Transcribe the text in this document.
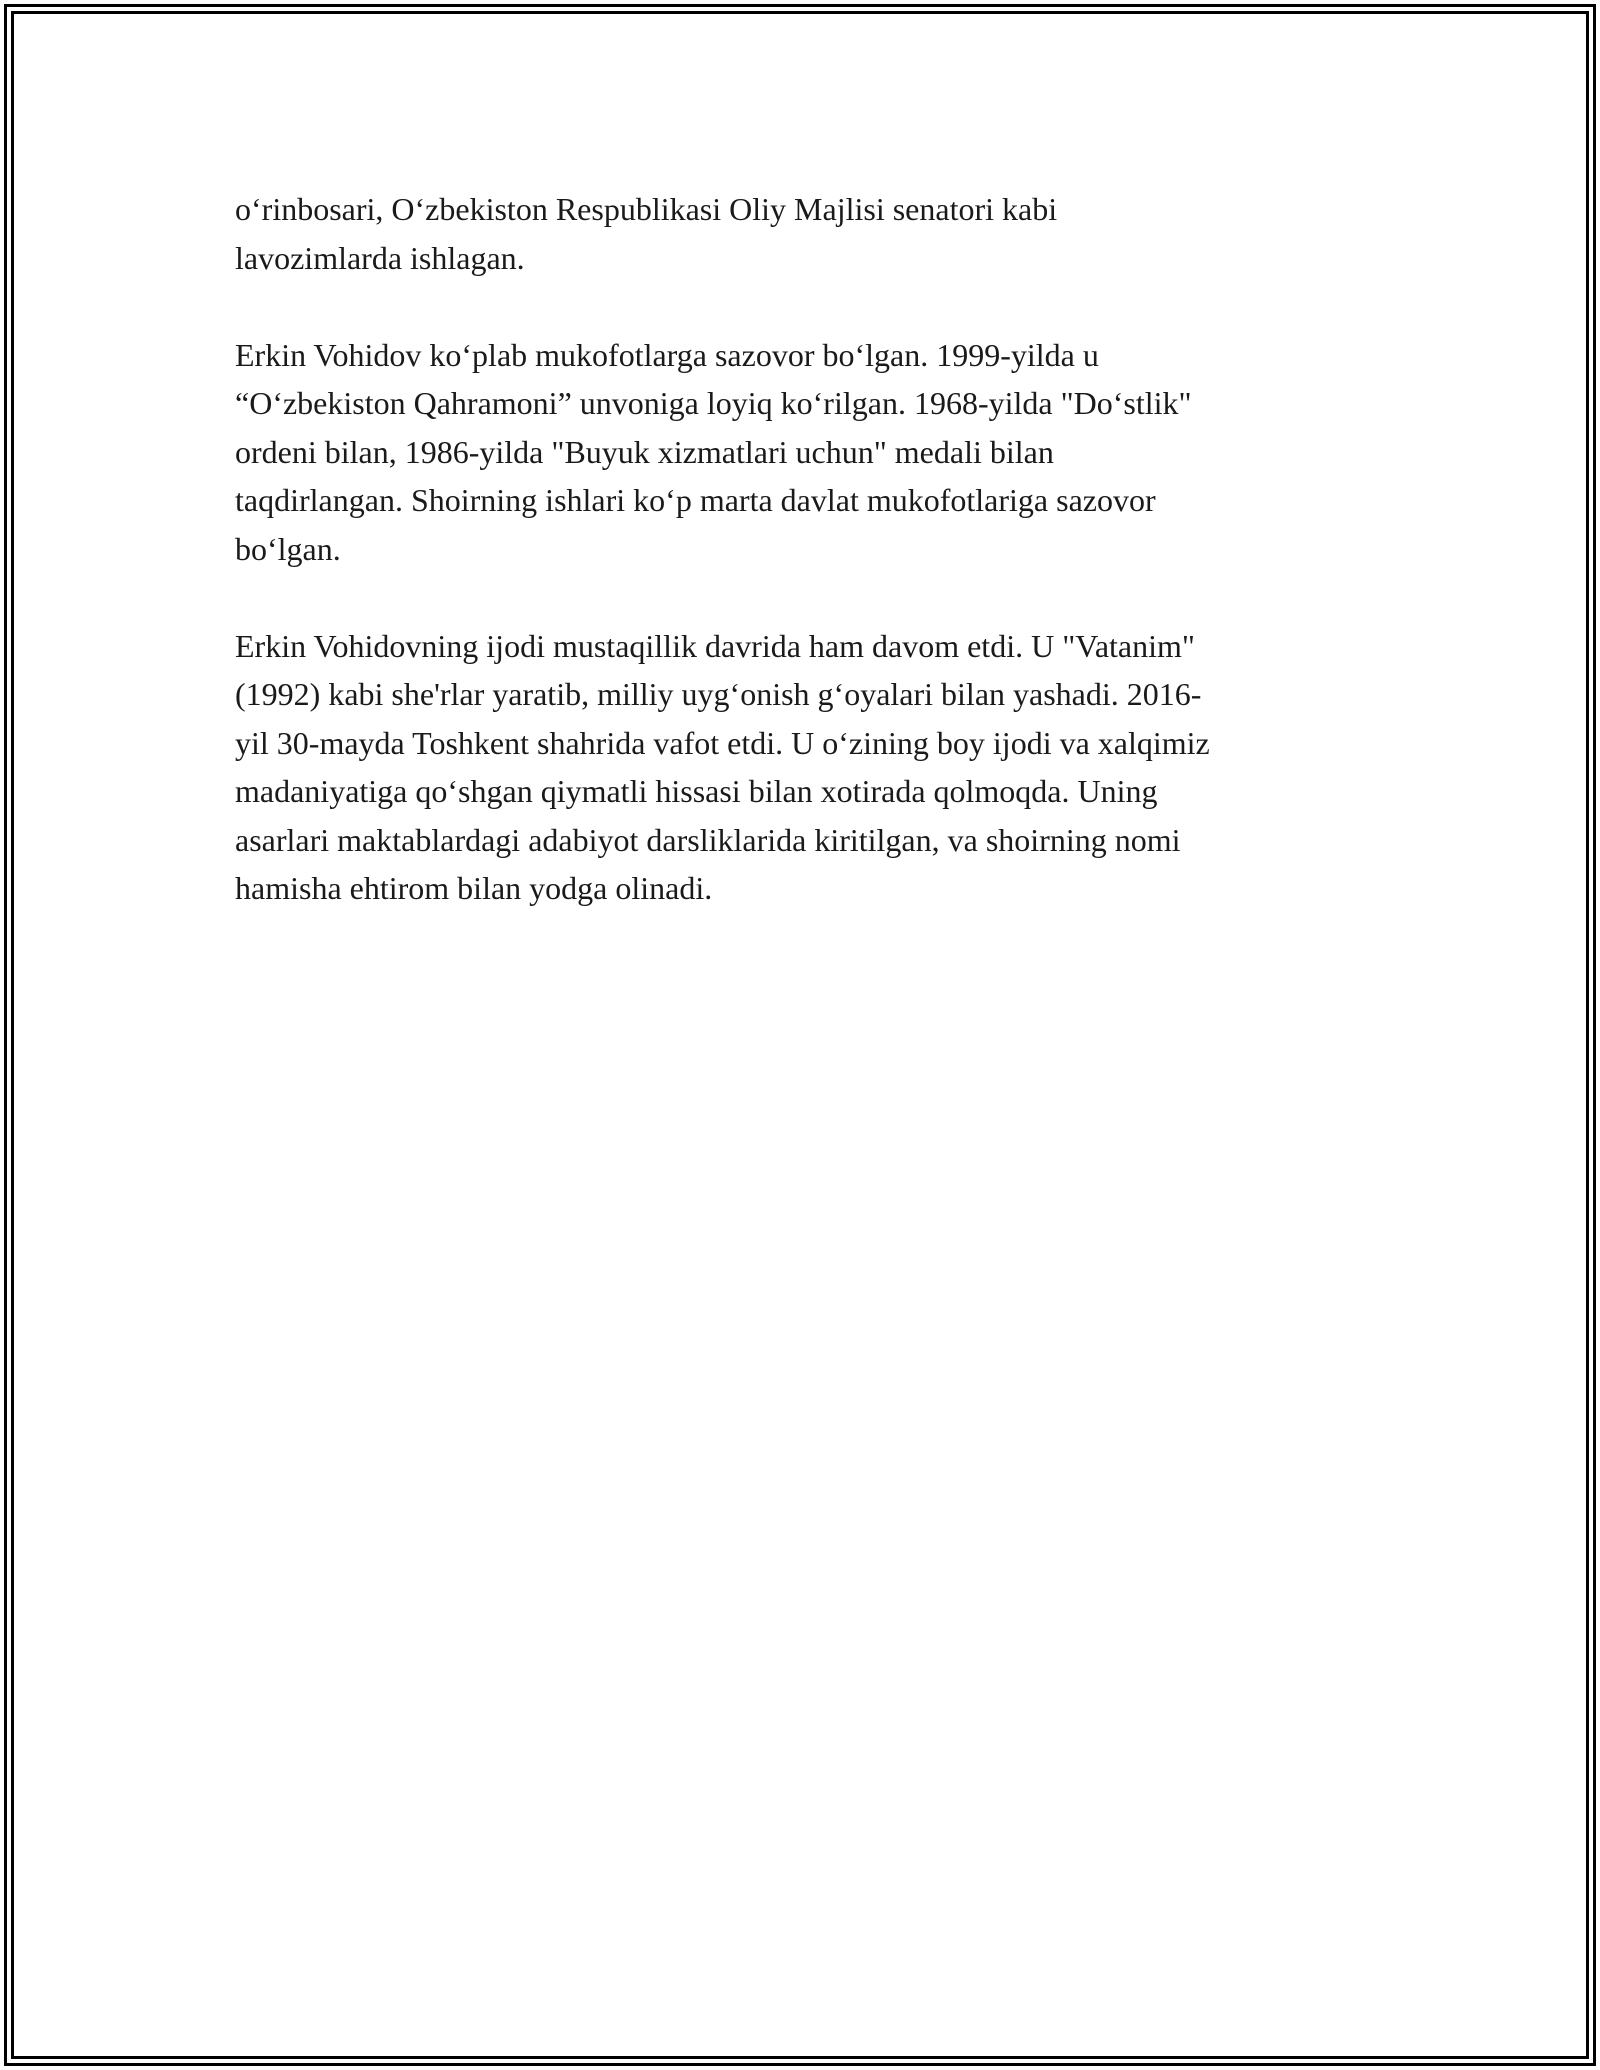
o‘rinbosari, O‘zbekiston Respublikasi Oliy Majlisi senatori kabi
lavozimlarda ishlagan.

Erkin Vohidov ko‘plab mukofotlarga sazovor bo‘lgan. 1999-yilda u
“O‘zbekiston Qahramoni” unvoniga loyiq ko‘rilgan. 1968-yilda "Do‘stlik"
ordeni bilan, 1986-yilda "Buyuk xizmatlari uchun" medali bilan
taqdirlangan. Shoirning ishlari ko‘p marta davlat mukofotlariga sazovor
bo‘lgan.

Erkin Vohidovning ijodi mustaqillik davrida ham davom etdi. U "Vatanim"
(1992) kabi she'rlar yaratib, milliy uyg‘onish g‘oyalari bilan yashadi. 2016-
yil 30-mayda Toshkent shahrida vafot etdi. U o‘zining boy ijodi va xalqimiz
madaniyatiga qo‘shgan qiymatli hissasi bilan xotirada qolmoqda. Uning
asarlari maktablardagi adabiyot darsliklarida kiritilgan, va shoirning nomi
hamisha ehtirom bilan yodga olinadi.
